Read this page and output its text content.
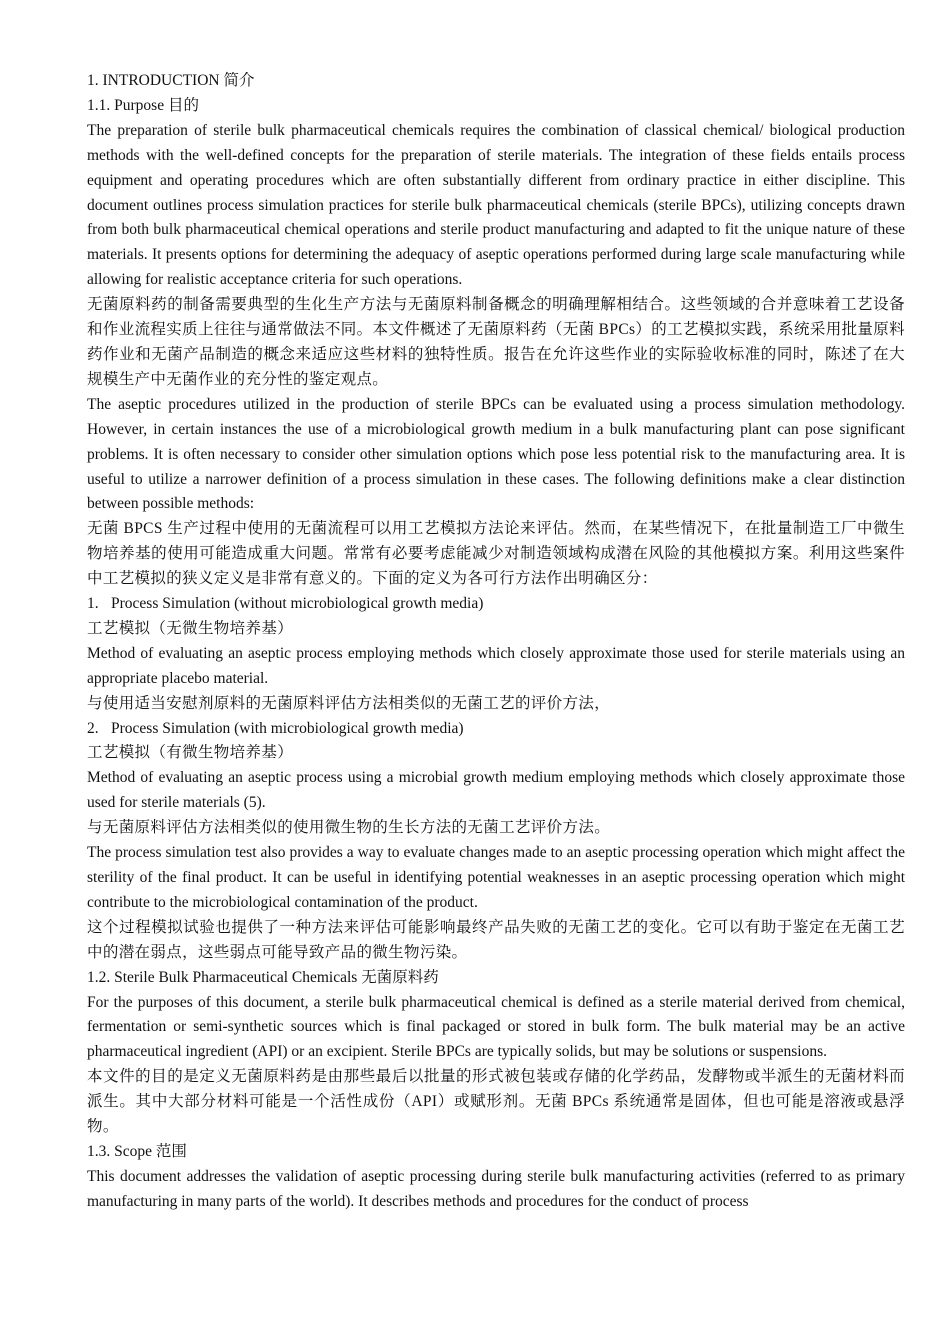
1. INTRODUCTION 简介

1.1. Purpose 目的

The preparation of sterile bulk pharmaceutical chemicals requires the combination of classical chemical/ biological production methods with the well-defined concepts for the preparation of sterile materials. The integration of these fields entails process equipment and operating procedures which are often substantially different from ordinary practice in either discipline. This document outlines process simulation practices for sterile bulk pharmaceutical chemicals (sterile BPCs), utilizing concepts drawn from both bulk pharmaceutical chemical operations and sterile product manufacturing and adapted to fit the unique nature of these materials. It presents options for determining the adequacy of aseptic operations performed during large scale manufacturing while allowing for realistic acceptance criteria for such operations.

无菌原料药的制备需要典型的生化生产方法与无菌原料制备概念的明确理解相结合。这些领域的合并意味着工艺设备和作业流程实质上往往与通常做法不同。本文件概述了无菌原料药（无菌 BPCs）的工艺模拟实践，系统采用批量原料药作业和无菌产品制造的概念来适应这些材料的独特性质。报告在允许这些作业的实际验收标准的同时，陈述了在大规模生产中无菌作业的充分性的鉴定观点。

The aseptic procedures utilized in the production of sterile BPCs can be evaluated using a process simulation methodology. However, in certain instances the use of a microbiological growth medium in a bulk manufacturing plant can pose significant problems. It is often necessary to consider other simulation options which pose less potential risk to the manufacturing area. It is useful to utilize a narrower definition of a process simulation in these cases. The following definitions make a clear distinction between possible methods:

无菌 BPCS 生产过程中使用的无菌流程可以用工艺模拟方法论来评估。然而，在某些情况下，在批量制造工厂中微生物培养基的使用可能造成重大问题。常常有必要考虑能减少对制造领域构成潜在风险的其他模拟方案。利用这些案件中工艺模拟的狭义定义是非常有意义的。下面的定义为各可行方法作出明确区分：

1. Process Simulation (without microbiological growth media)

工艺模拟（无微生物培养基）

Method of evaluating an aseptic process employing methods which closely approximate those used for sterile materials using an appropriate placebo material.

与使用适当安慰剂原料的无菌原料评估方法相类似的无菌工艺的评价方法，

2. Process Simulation (with microbiological growth media)

工艺模拟（有微生物培养基）

Method of evaluating an aseptic process using a microbial growth medium employing methods which closely approximate those used for sterile materials (5).

与无菌原料评估方法相类似的使用微生物的生长方法的无菌工艺评价方法。

The process simulation test also provides a way to evaluate changes made to an aseptic processing operation which might affect the sterility of the final product. It can be useful in identifying potential weaknesses in an aseptic processing operation which might contribute to the microbiological contamination of the product.

这个过程模拟试验也提供了一种方法来评估可能影响最终产品失败的无菌工艺的变化。它可以有助于鉴定在无菌工艺中的潜在弱点，这些弱点可能导致产品的微生物污染。

1.2. Sterile Bulk Pharmaceutical Chemicals 无菌原料药

For the purposes of this document, a sterile bulk pharmaceutical chemical is defined as a sterile material derived from chemical, fermentation or semi-synthetic sources which is final packaged or stored in bulk form. The bulk material may be an active pharmaceutical ingredient (API) or an excipient. Sterile BPCs are typically solids, but may be solutions or suspensions.

本文件的目的是定义无菌原料药是由那些最后以批量的形式被包装或存储的化学药品，发酵物或半派生的无菌材料而派生。其中大部分材料可能是一个活性成份（API）或赋形剂。无菌 BPCs 系统通常是固体，但也可能是溶液或悬浮物。

1.3. Scope 范围

This document addresses the validation of aseptic processing during sterile bulk manufacturing activities (referred to as primary manufacturing in many parts of the world). It describes methods and procedures for the conduct of process
